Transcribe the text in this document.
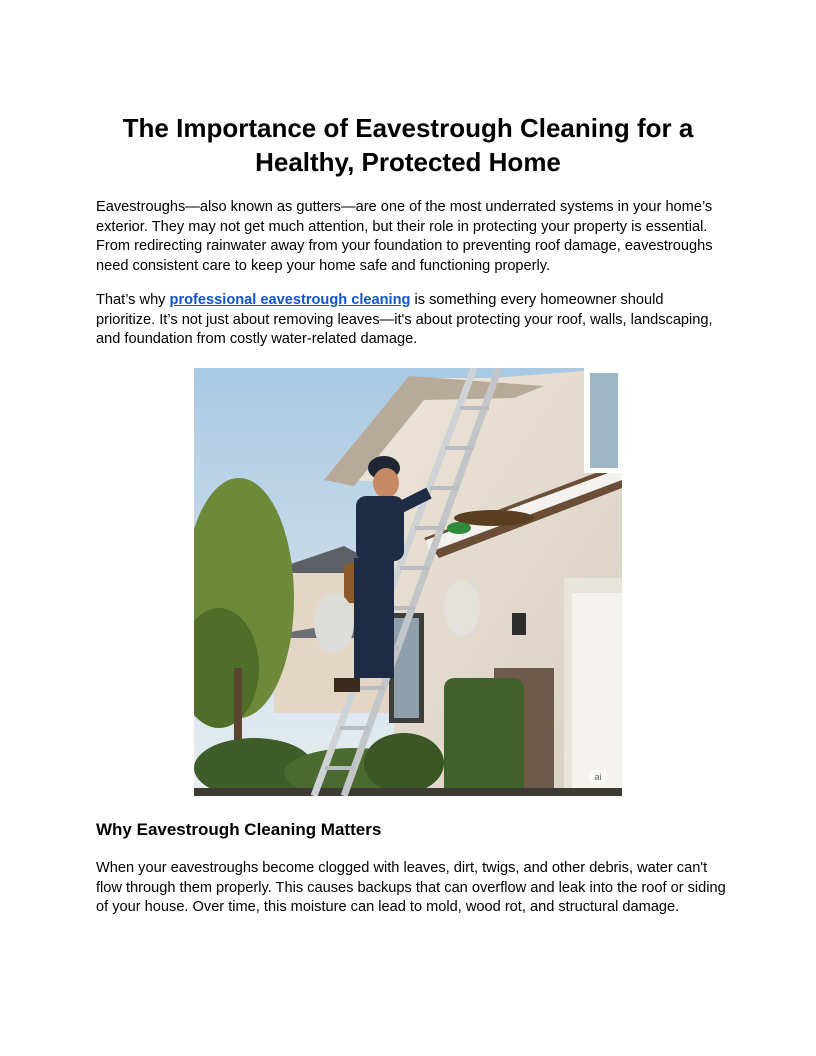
The Importance of Eavestrough Cleaning for a Healthy, Protected Home

Eavestroughs—also known as gutters—are one of the most underrated systems in your home’s exterior. They may not get much attention, but their role in protecting your property is essential. From redirecting rainwater away from your foundation to preventing roof damage, eavestroughs need consistent care to keep your home safe and functioning properly.

That’s why professional eavestrough cleaning is something every homeowner should prioritize. It’s not just about removing leaves—it's about protecting your roof, walls, landscaping, and foundation from costly water-related damage.

ai
Why Eavestrough Cleaning Matters

When your eavestroughs become clogged with leaves, dirt, twigs, and other debris, water can't flow through them properly. This causes backups that can overflow and leak into the roof or siding of your house. Over time, this moisture can lead to mold, wood rot, and structural damage.
